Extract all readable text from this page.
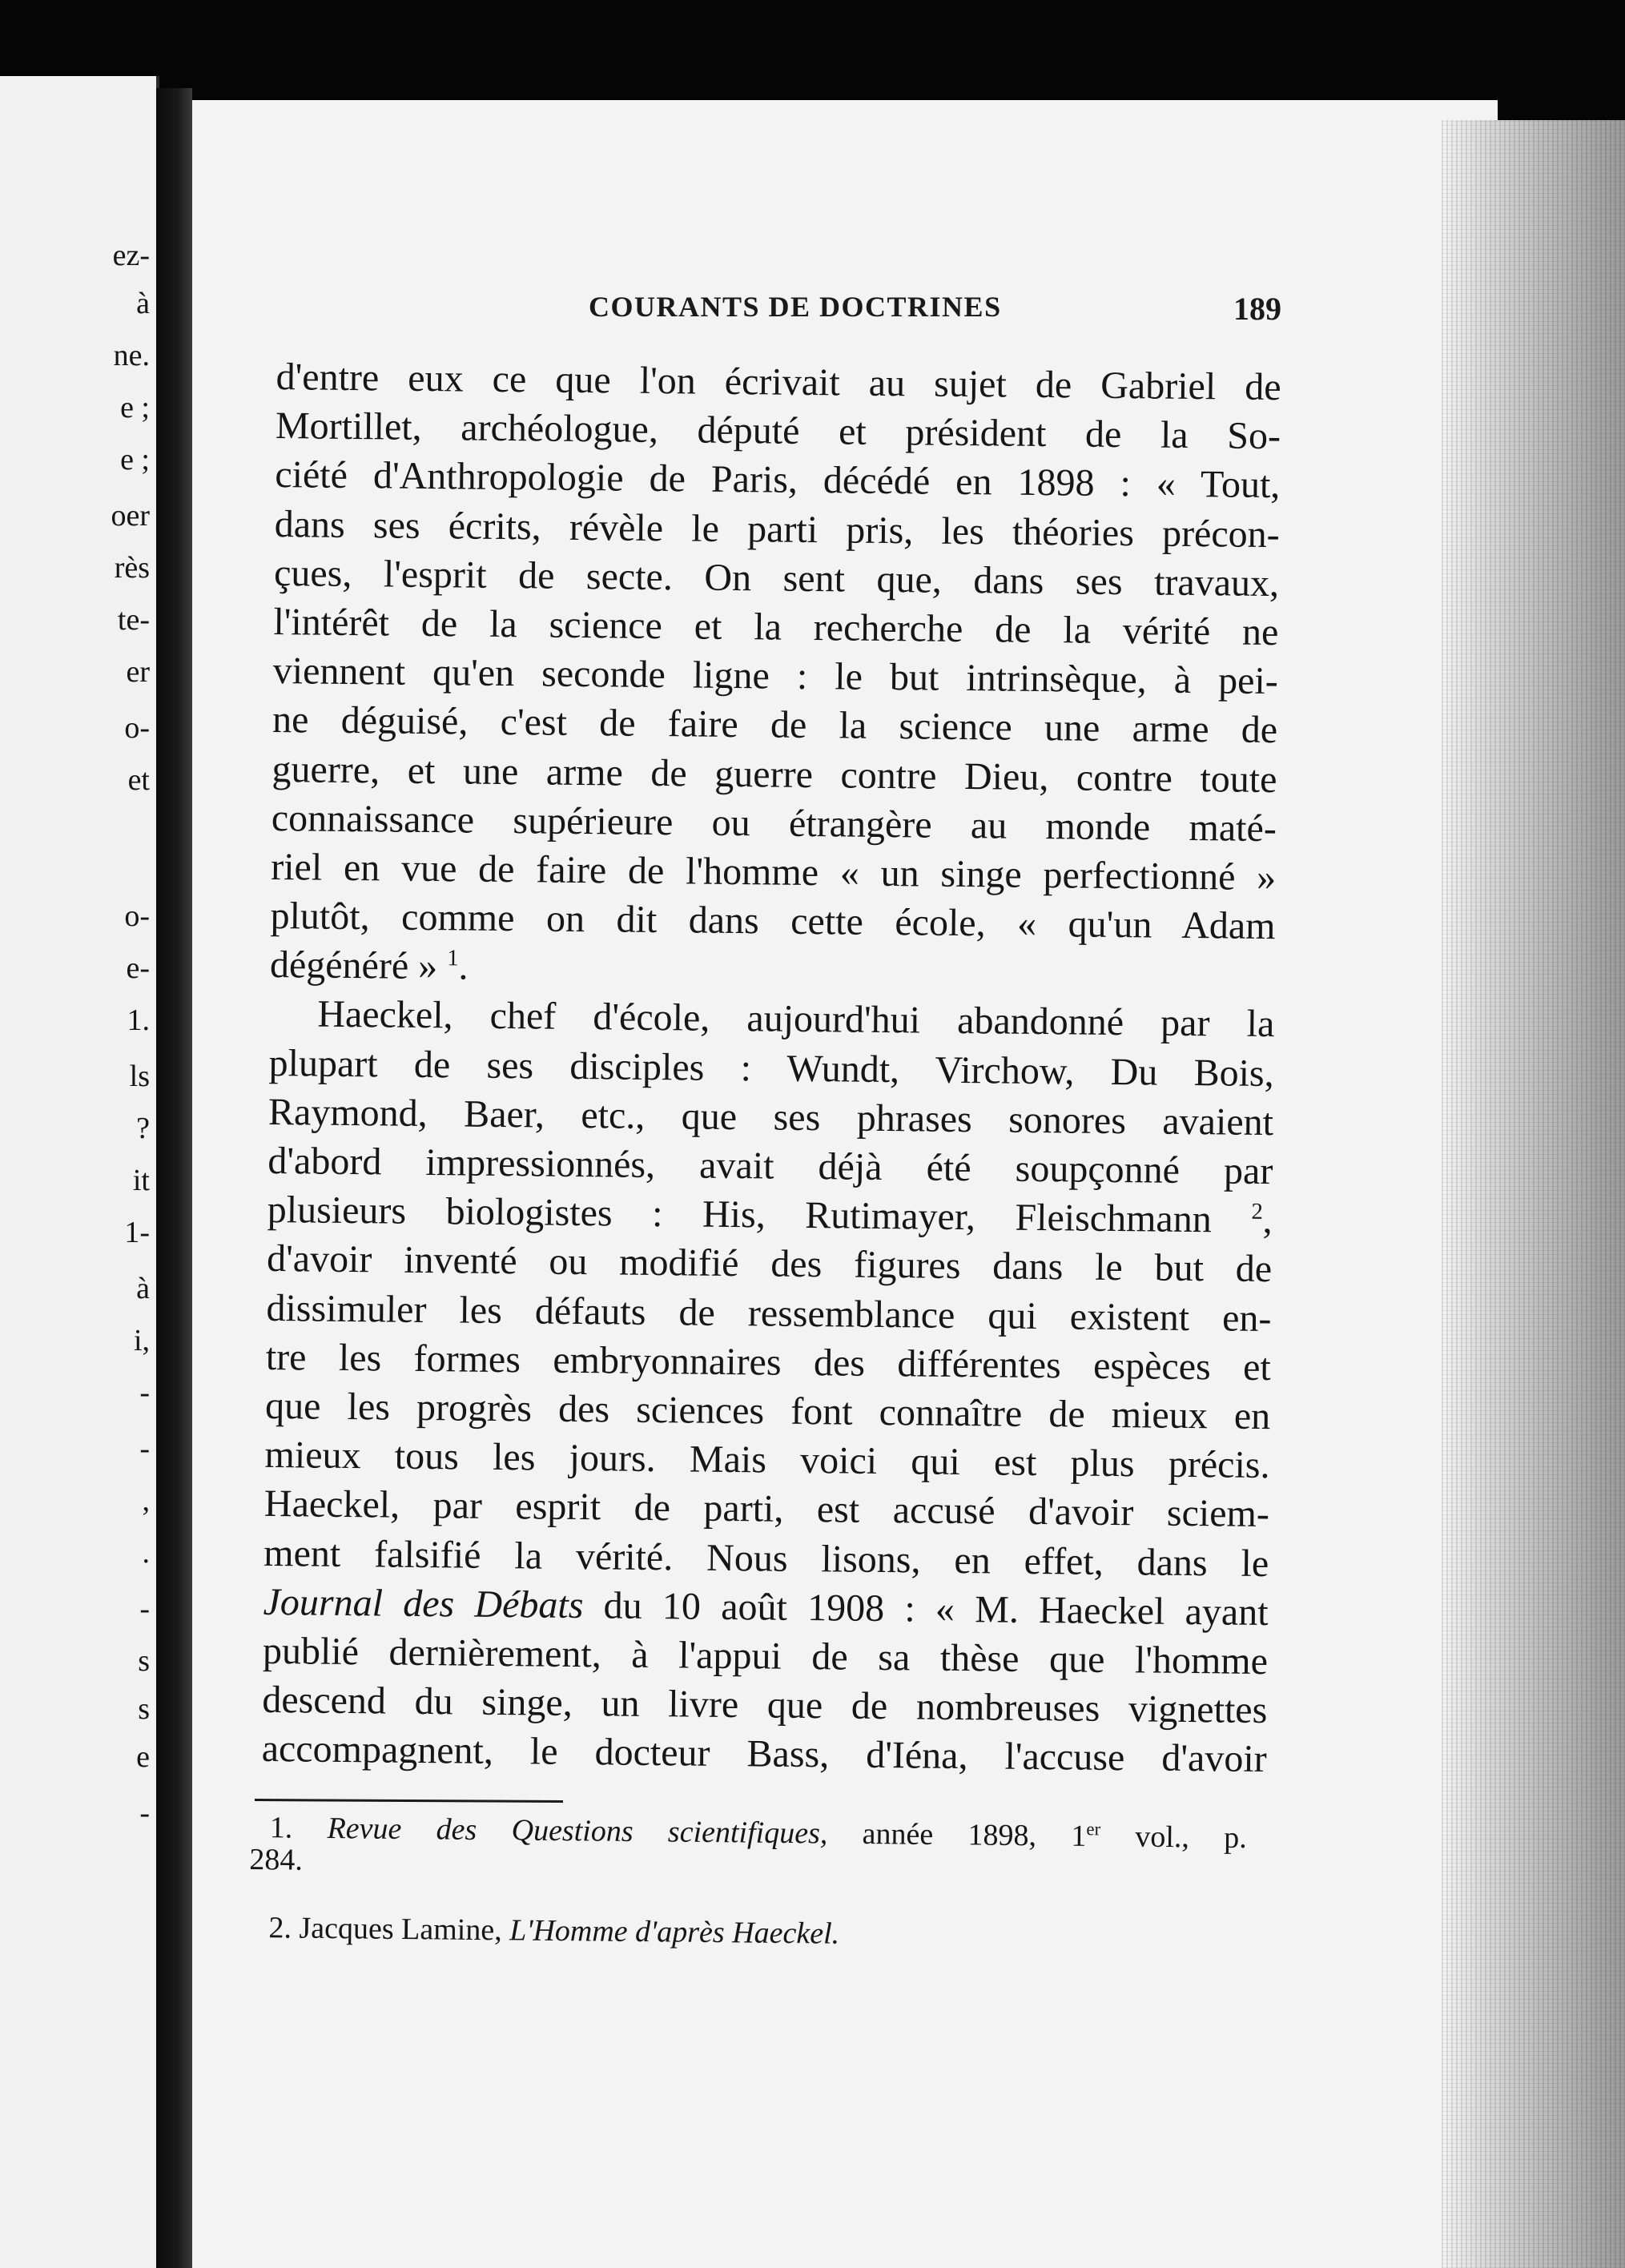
ez-
à
ne.
e ;
e ;
oer
rès
te-
er
o-
et
o-
e-
1.
ls
?
it
1-
à
i,
-
-
,
.
-
s
s
e
-
COURANTS DE DOCTRINES	189
d'entre eux ce que l'on écrivait au sujet de Gabriel de
Mortillet, archéologue, député et président de la So-
ciété d'Anthropologie de Paris, décédé en 1898 : « Tout,
dans ses écrits, révèle le parti pris, les théories précon-
çues, l'esprit de secte. On sent que, dans ses travaux,
l'intérêt de la science et la recherche de la vérité ne
viennent qu'en seconde ligne : le but intrinsèque, à pei-
ne déguisé, c'est de faire de la science une arme de
guerre, et une arme de guerre contre Dieu, contre toute
connaissance supérieure ou étrangère au monde maté-
riel en vue de faire de l'homme « un singe perfectionné »
plutôt, comme on dit dans cette école, « qu'un Adam
dégénéré » $^1$.
Haeckel, chef d'école, aujourd'hui abandonné par la
plupart de ses disciples : Wundt, Virchow, Du Bois,
Raymond, Baer, etc., que ses phrases sonores avaient
d'abord impressionnés, avait déjà été soupçonné par
plusieurs biologistes : His, Rutimayer, Fleischmann $^2$,
d'avoir inventé ou modifié des figures dans le but de
dissimuler les défauts de ressemblance qui existent en-
tre les formes embryonnaires des différentes espèces et
que les progrès des sciences font connaître de mieux en
mieux tous les jours. Mais voici qui est plus précis.
Haeckel, par esprit de parti, est accusé d'avoir sciem-
ment falsifié la vérité. Nous lisons, en effet, dans le
Journal des Débats du 10 août 1908 : « M. Haeckel ayant
publié dernièrement, à l'appui de sa thèse que l'homme
descend du singe, un livre que de nombreuses vignettes
accompagnent, le docteur Bass, d'Iéna, l'accuse d'avoir
1. Revue des Questions scientifiques, année 1898, 1er vol., p.
284.
2. Jacques Lamine, L'Homme d'après Haeckel.
